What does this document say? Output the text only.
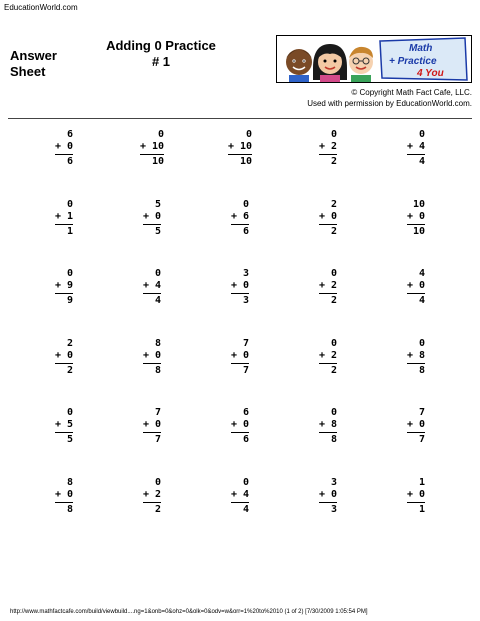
EducationWorld.com
Answer
Sheet
Adding 0 Practice
# 1
Math
+ Practice
4 You
© Copyright Math Fact Cafe, LLC.
Used with permission by EducationWorld.com.
6
+ 0
6
0
+ 10
10
0
+ 10
10
0
+ 2
2
0
+ 4
4
0
+ 1
1
5
+ 0
5
0
+ 6
6
2
+ 0
2
10
+ 0
10
0
+ 9
9
0
+ 4
4
3
+ 0
3
0
+ 2
2
4
+ 0
4
2
+ 0
2
8
+ 0
8
7
+ 0
7
0
+ 2
2
0
+ 8
8
0
+ 5
5
7
+ 0
7
6
+ 0
6
0
+ 8
8
7
+ 0
7
8
+ 0
8
0
+ 2
2
0
+ 4
4
3
+ 0
3
1
+ 0
1
http://www.mathfactcafe.com/build/viewbuild....ng=1&onb=0&ohz=0&olk=0&odv=w&orr=1%20to%2010 (1 of 2) [7/30/2009 1:05:54 PM]
